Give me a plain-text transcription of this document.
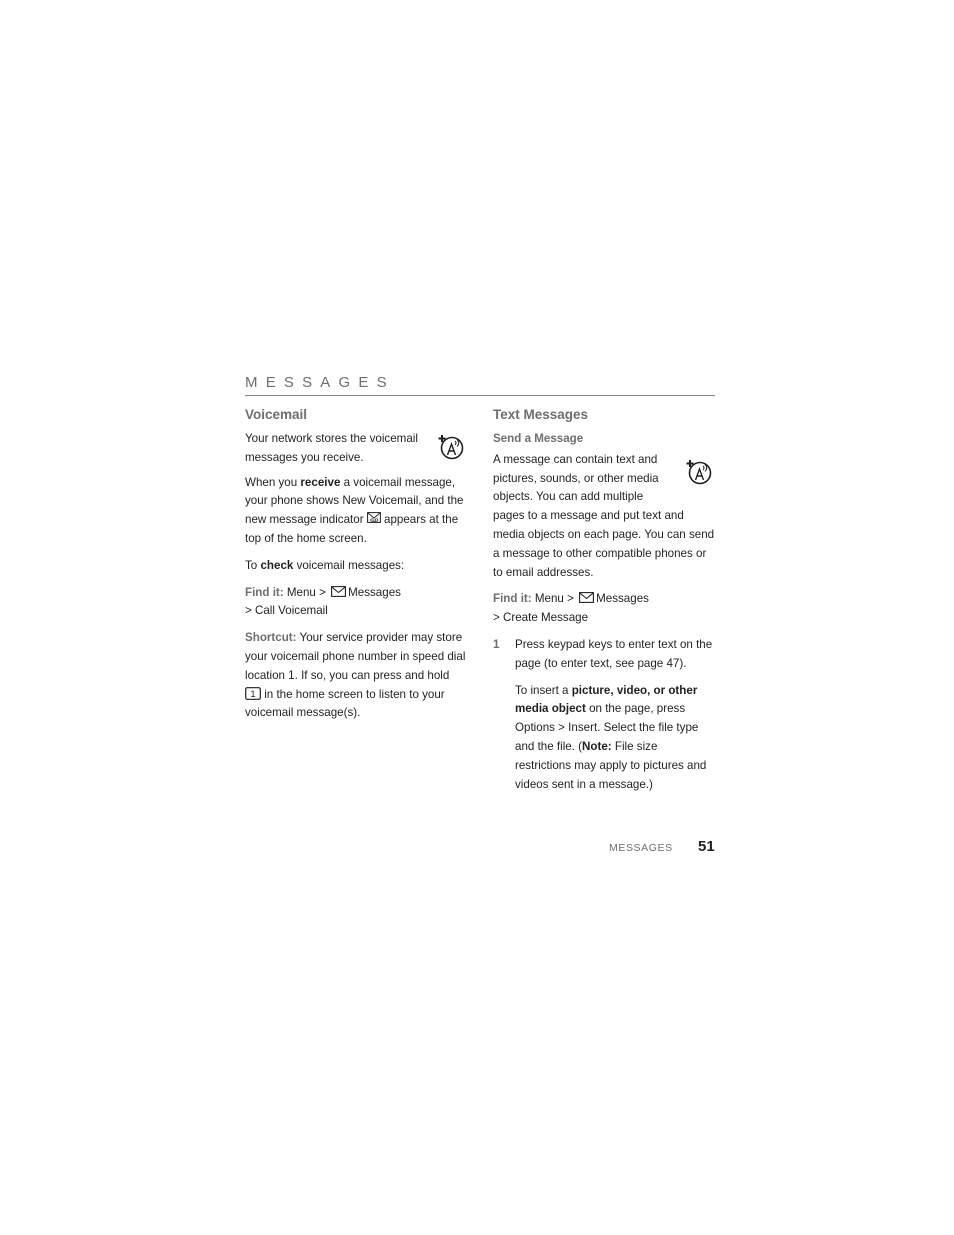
MESSAGES
Voicemail

Your network stores the voicemail messages you receive.

When you receive a voicemail message, your phone shows New Voicemail, and the new message indicator  appears at the top of the home screen.

To check voicemail messages:

Find it: Menu > Messages
> Call Voicemail

Shortcut: Your service provider may store your voicemail phone number in speed dial location 1. If so, you can press and hold
1 in the home screen to listen to your voicemail message(s).

Text Messages
Send a Message

A message can contain text and pictures, sounds, or other media objects. You can add multiple pages to a message and put text and media objects on each page. You can send a message to other compatible phones or to email addresses.

Find it: Menu > Messages
> Create Message

1 Press keypad keys to enter text on the page (to enter text, see page 47).

To insert a picture, video, or other media object on the page, press Options > Insert. Select the file type and the file. (Note: File size restrictions may apply to pictures and videos sent in a message.)

MESSAGES 51
